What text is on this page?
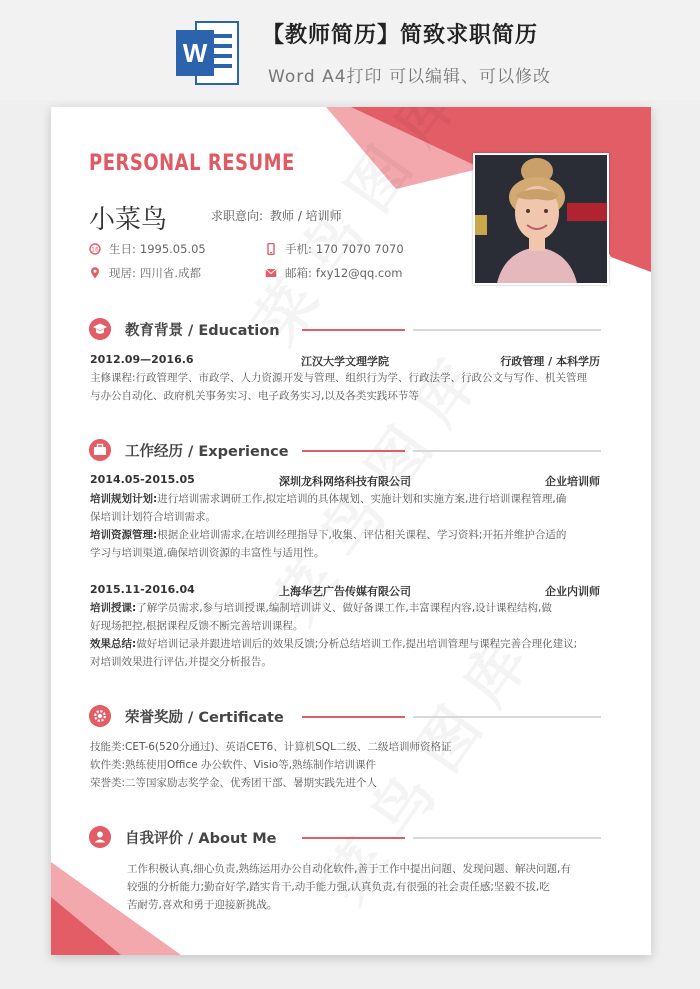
W
【教师简历】简致求职简历
Word A4打印 可以编辑、可以修改
PERSONAL RESUME
小菜鸟	求职意向: 教师 / 培训师
16 生日: 1995.05.05	手机: 170 7070 7070
现居: 四川省.成都	邮箱: fxy12@qq.com
教育背景 / Education
2012.09—2016.6	江汉大学文理学院	行政管理 / 本科学历
主修课程:行政管理学、市政学、人力资源开发与管理、组织行为学、行政法学、行政公文与写作、机关管理
与办公自动化、政府机关事务实习、电子政务实习,以及各类实践环节等
工作经历 / Experience
2014.05-2015.05	深圳龙科网络科技有限公司	企业培训师
培训规划计划:进行培训需求调研工作,拟定培训的具体规划、实施计划和实施方案,进行培训课程管理,确
保培训计划符合培训需求。
培训资源管理:根据企业培训需求,在培训经理指导下,收集、评估相关课程、学习资料;开拓并维护合适的
学习与培训渠道,确保培训资源的丰富性与适用性。
2015.11-2016.04	上海华艺广告传媒有限公司	企业内训师
培训授课:了解学员需求,参与培训授课,编制培训讲义、做好备课工作,丰富课程内容,设计课程结构,做
好现场把控,根据课程反馈不断完善培训课程。
效果总结:做好培训记录并跟进培训后的效果反馈;分析总结培训工作,提出培训管理与课程完善合理化建议;
对培训效果进行评估,并提交分析报告。
荣誉奖励 / Certificate
技能类:CET-6(520分通过)、英语CET6、计算机SQL二级、二级培训师资格证
软件类:熟练使用Office 办公软件、Visio等,熟练制作培训课件
荣誉类:二等国家励志奖学金、优秀团干部、暑期实践先进个人
自我评价 / About Me
工作积极认真,细心负责,熟练运用办公自动化软件,善于工作中提出问题、发现问题、解决问题,有
较强的分析能力;勤奋好学,踏实肯干,动手能力强,认真负责,有很强的社会责任感;坚毅不拔,吃
苦耐劳,喜欢和勇于迎接新挑战。
